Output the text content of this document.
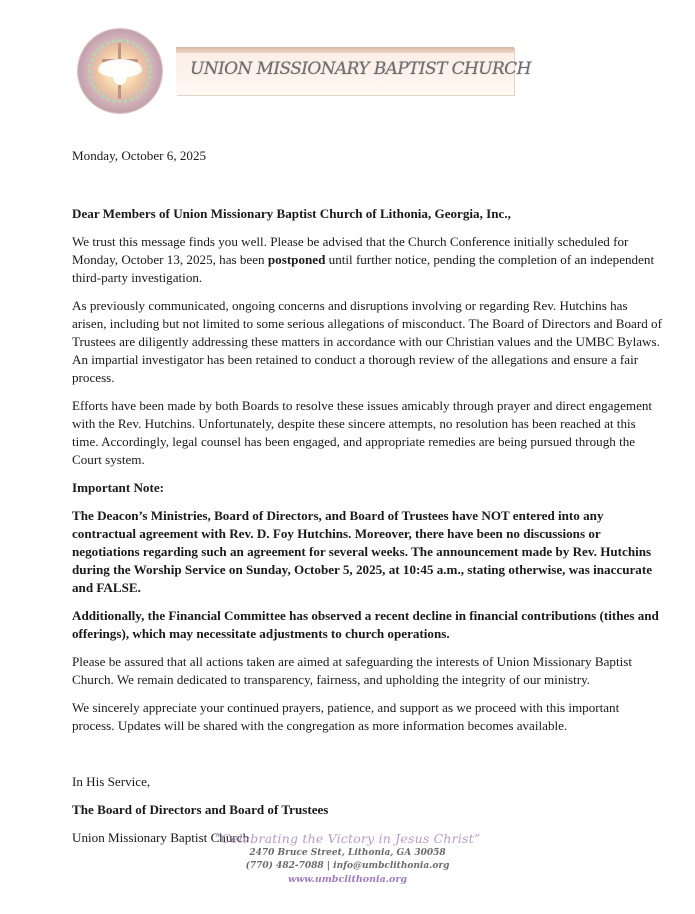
UNION MISSIONARY BAPTIST CHURCH

Monday, October 6, 2025

Dear Members of Union Missionary Baptist Church of Lithonia, Georgia, Inc.,

We trust this message finds you well. Please be advised that the Church Conference initially scheduled for Monday, October 13, 2025, has been postponed until further notice, pending the completion of an independent third-party investigation.

As previously communicated, ongoing concerns and disruptions involving or regarding Rev. Hutchins has arisen, including but not limited to some serious allegations of misconduct. The Board of Directors and Board of Trustees are diligently addressing these matters in accordance with our Christian values and the UMBC Bylaws. An impartial investigator has been retained to conduct a thorough review of the allegations and ensure a fair process.

Efforts have been made by both Boards to resolve these issues amicably through prayer and direct engagement with the Rev. Hutchins. Unfortunately, despite these sincere attempts, no resolution has been reached at this time. Accordingly, legal counsel has been engaged, and appropriate remedies are being pursued through the Court system.

Important Note:

The Deacon’s Ministries, Board of Directors, and Board of Trustees have NOT entered into any contractual agreement with Rev. D. Foy Hutchins. Moreover, there have been no discussions or negotiations regarding such an agreement for several weeks. The announcement made by Rev. Hutchins during the Worship Service on Sunday, October 5, 2025, at 10:45 a.m., stating otherwise, was inaccurate and FALSE.

Additionally, the Financial Committee has observed a recent decline in financial contributions (tithes and offerings), which may necessitate adjustments to church operations.

Please be assured that all actions taken are aimed at safeguarding the interests of Union Missionary Baptist Church. We remain dedicated to transparency, fairness, and upholding the integrity of our ministry.

We sincerely appreciate your continued prayers, patience, and support as we proceed with this important process. Updates will be shared with the congregation as more information becomes available.

In His Service,

The Board of Directors and Board of Trustees

Union Missionary Baptist Church

“Celebrating the Victory in Jesus Christ”
2470 Bruce Street, Lithonia, GA 30058
(770) 482-7088 | info@umbclithonia.org
www.umbclithonia.org
